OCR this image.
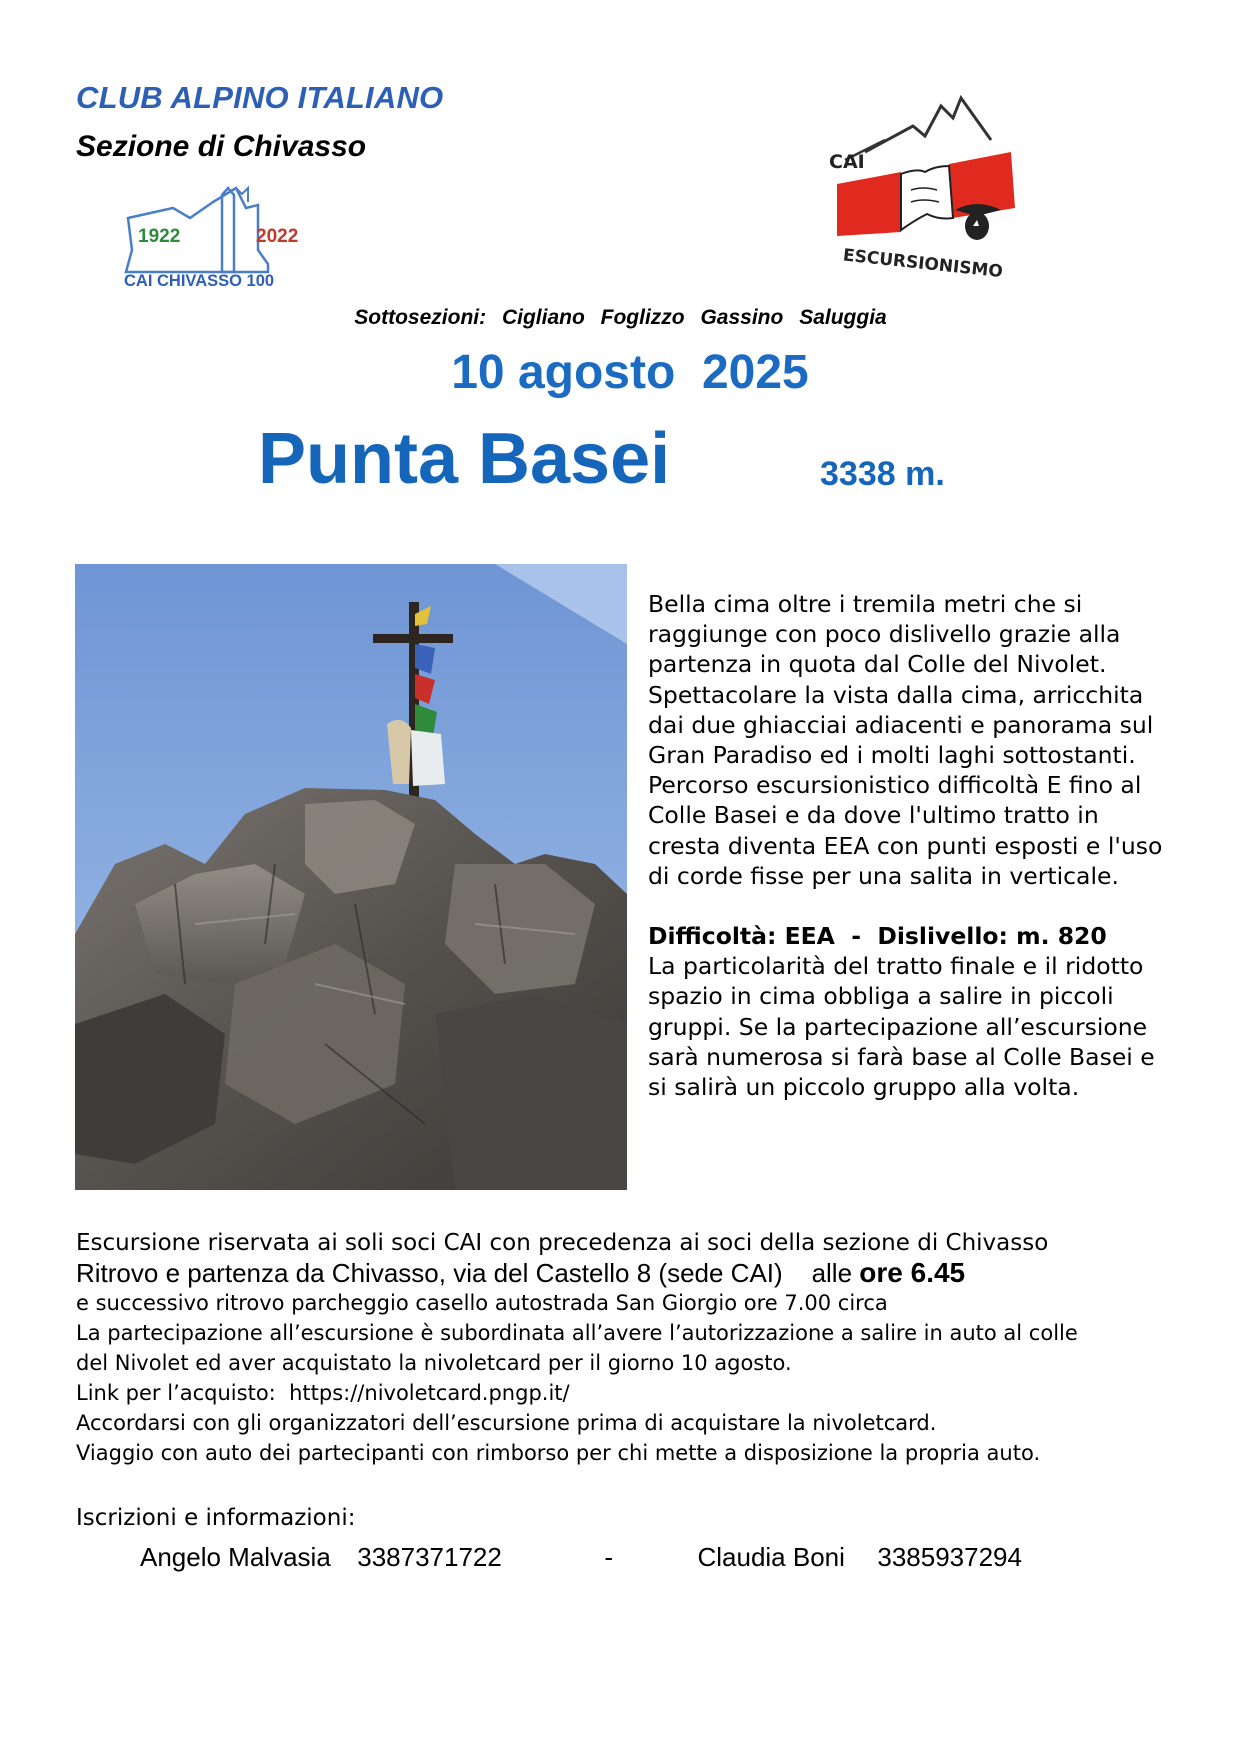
CLUB ALPINO ITALIANO
Sezione di Chivasso
1922	2022
CAI CHIVASSO 100
CAI
ESCURSIONISMO
Sottosezioni: Cigliano Foglizzo Gassino Saluggia
10 agosto  2025
Punta Basei	3338 m.

Bella cima oltre i tremila metri che si raggiunge con poco dislivello grazie alla partenza in quota dal Colle del Nivolet. Spettacolare la vista dalla cima, arricchita dai due ghiacciai adiacenti e panorama sul Gran Paradiso ed i molti laghi sottostanti.

Percorso escursionistico difficoltà E fino al Colle Basei e da dove l'ultimo tratto in cresta diventa EEA con punti esposti e l'uso di corde fisse per una salita in verticale.

Difficoltà: EEA  -  Dislivello: m. 820

La particolarità del tratto finale e il ridotto spazio in cima obbliga a salire in piccoli gruppi. Se la partecipazione all’escursione sarà numerosa si farà base al Colle Basei e si salirà un piccolo gruppo alla volta.

Escursione riservata ai soli soci CAI con precedenza ai soci della sezione di Chivasso

Ritrovo e partenza da Chivasso, via del Castello 8 (sede CAI)    alle ore 6.45

e successivo ritrovo parcheggio casello autostrada San Giorgio ore 7.00 circa

La partecipazione all’escursione è subordinata all’avere l’autorizzazione a salire in auto al colle

del Nivolet ed aver acquistato la nivoletcard per il giorno 10 agosto.

Link per l’acquisto: https://nivoletcard.pngp.it/

Accordarsi con gli organizzatori dell’escursione prima di acquistare la nivoletcard.

Viaggio con auto dei partecipanti con rimborso per chi mette a disposizione la propria auto.

Iscrizioni e informazioni:
Angelo Malvasia 3387371722	-	Claudia Boni 3385937294
